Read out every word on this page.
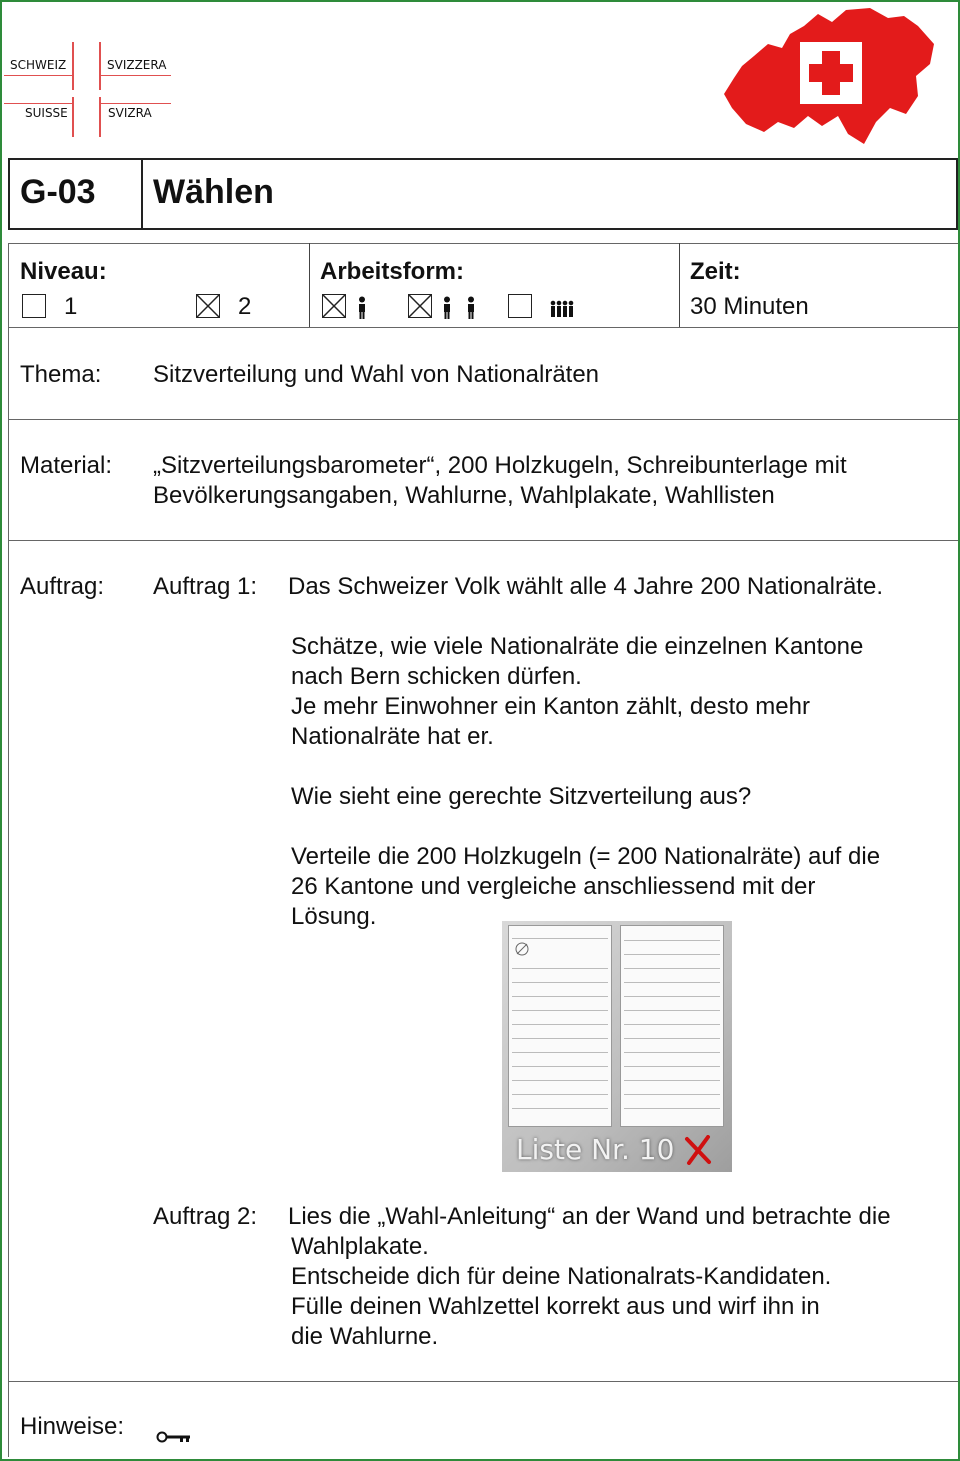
SCHWEIZ	SVIZZERA
SUISSE	SVIZRA
G-03 Wählen
Niveau:
1	2
Arbeitsform:	Zeit:
30 Minuten
Thema: Sitzverteilung und Wahl von Nationalräten
Material: „Sitzverteilungsbarometer“, 200 Holzkugeln, Schreibunterlage mit
Bevölkerungsangaben, Wahlurne, Wahlplakate, Wahllisten
Auftrag: Auftrag 1: Das Schweizer Volk wählt alle 4 Jahre 200 Nationalräte.
Schätze, wie viele Nationalräte die einzelnen Kantone
nach Bern schicken dürfen.
Je mehr Einwohner ein Kanton zählt, desto mehr
Nationalräte hat er.
Wie sieht eine gerechte Sitzverteilung aus?
Verteile die 200 Holzkugeln (= 200 Nationalräte) auf die
26 Kantone und vergleiche anschliessend mit der
Lösung.
Liste Nr. 10
Auftrag 2: Lies die „Wahl-Anleitung“ an der Wand und betrachte die
Wahlplakate.
Entscheide dich für deine Nationalrats-Kandidaten.
Fülle deinen Wahlzettel korrekt aus und wirf ihn in
die Wahlurne.
Hinweise:
